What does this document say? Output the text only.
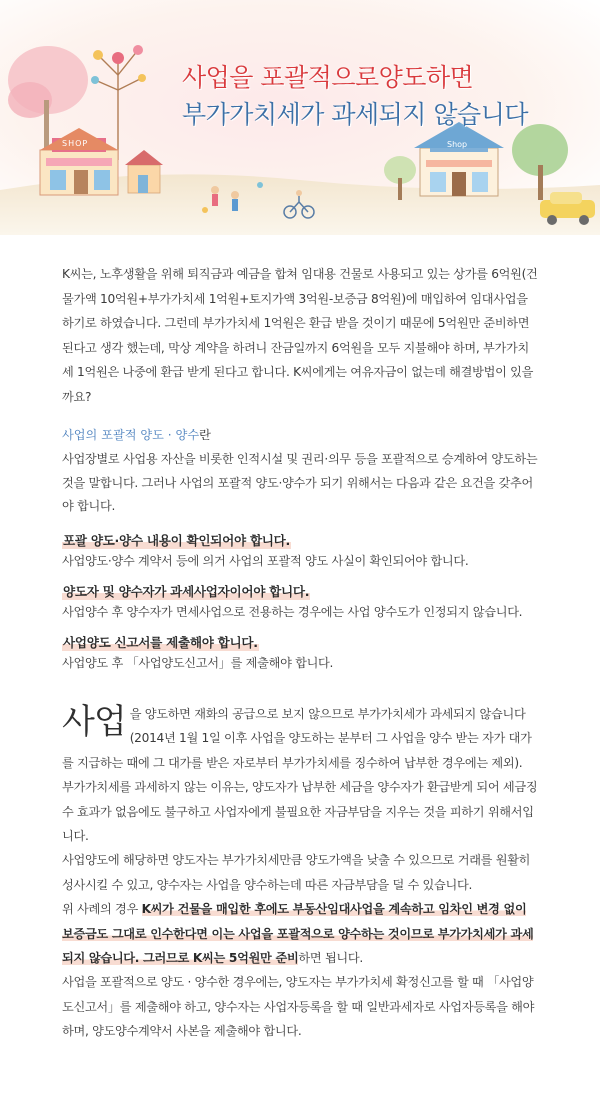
SHOP	Shop
사업을 포괄적으로양도하면
부가가치세가 과세되지 않습니다
K씨는, 노후생활을 위해 퇴직금과 예금을 합쳐 임대용 건물로 사용되고 있는 상가를 6억원(건물가액 10억원+부가가치세 1억원+토지가액 3억원-보증금 8억원)에 매입하여 임대사업을 하기로 하였습니다. 그런데 부가가치세 1억원은 환급 받을 것이기 때문에 5억원만 준비하면 된다고 생각 했는데, 막상 계약을 하려니 잔금일까지 6억원을 모두 지불해야 하며, 부가가치세 1억원은 나중에 환급 받게 된다고 합니다. K씨에게는 여유자금이 없는데 해결방법이 있을까요?
사업의 포괄적 양도 · 양수란
사업장별로 사업용 자산을 비롯한 인적시설 및 권리·의무 등을 포괄적으로 승계하여 양도하는 것을 말합니다. 그러나 사업의 포괄적 양도·양수가 되기 위해서는 다음과 같은 요건을 갖추어야 합니다.
포괄 양도·양수 내용이 확인되어야 합니다.
사업양도·양수 계약서 등에 의거 사업의 포괄적 양도 사실이 확인되어야 합니다.
양도자 및 양수자가 과세사업자이어야 합니다.
사업양수 후 양수자가 면세사업으로 전용하는 경우에는 사업 양수도가 인정되지 않습니다.
사업양도 신고서를 제출해야 합니다.
사업양도 후 「사업양도신고서」를 제출해야 합니다.
사업 을 양도하면 재화의 공급으로 보지 않으므로 부가가치세가 과세되지 않습니다(2014년 1월 1일 이후 사업을 양도하는 분부터 그 사업을 양수 받는 자가 대가를 지급하는 때에 그 대가를 받은 자로부터 부가가치세를 징수하여 납부한 경우에는 제외).
부가가치세를 과세하지 않는 이유는, 양도자가 납부한 세금을 양수자가 환급받게 되어 세금징수 효과가 없음에도 불구하고 사업자에게 불필요한 자금부담을 지우는 것을 피하기 위해서입니다.
사업양도에 해당하면 양도자는 부가가치세만큼 양도가액을 낮출 수 있으므로 거래를 원활히 성사시킬 수 있고, 양수자는 사업을 양수하는데 따른 자금부담을 덜 수 있습니다.
위 사례의 경우 K씨가 건물을 매입한 후에도 부동산임대사업을 계속하고 임차인 변경 없이 보증금도 그대로 인수한다면 이는 사업을 포괄적으로 양수하는 것이므로 부가가치세가 과세되지 않습니다. 그러므로 K씨는 5억원만 준비하면 됩니다.
사업을 포괄적으로 양도 · 양수한 경우에는, 양도자는 부가가치세 확정신고를 할 때 「사업양도신고서」를 제출해야 하고, 양수자는 사업자등록을 할 때 일반과세자로 사업자등록을 해야 하며, 양도양수계약서 사본을 제출해야 합니다.
